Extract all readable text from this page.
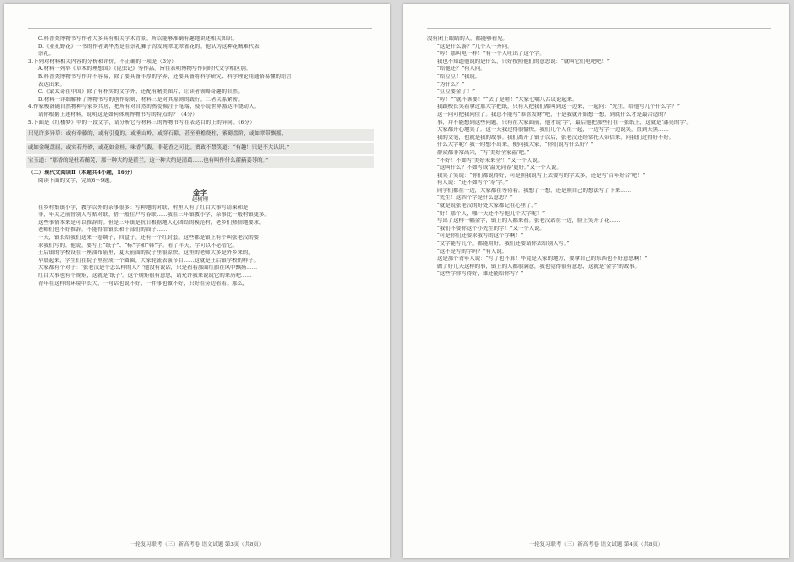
C.科普类博物书写作者大多具有相关学术背景，所以能够准确有趣地讲述相关知识。
D.《亚孔野花》一书的作者刘华杰是在崇礼狮子沟发现翠北翠雀花的，他认为这种花贼难代表
崇礼。
3.下列对材料相关内容的分析和评价，不正确的一项是（3分）
A.材料一列举《草木的理想国》《昆虫记》等作品，旨在表明博物写作同时代文学相区别。
B.科普类博物书写作并不容易，除了要具备丰厚的学养，还要具备将科学研究、科学理论用通俗易懂的语言
表达出来。
C.《蒙太奇在中国》除了有朴实的文字外，还配有精美图片，让读者领略奇趣的自然。
D.材料一详细解释了博物书写的创作原则，材料三是对其原则的践行，二者关系紧密。
4.作家梭洛随自然物种与家乡共居，把所有对自然的热爱倾注于笔端，使小说世界豁达丰饶动人。
请你根据上述材料，说明这是如何体现博物书写的特点的？（4分）
5.下面是《红楼梦》中的一段文字，请分析它与材料三的博物书写在表达目的上的异同。（6分）
只见许多异草：或有牵藤的，或有引蔓的，或垂山岭，或穿石隙，甚至垂檐绕柱，萦砌盘阶，或如翠带飘摇，
或如金绳盘屈，或实若丹砂，或花如金桂，味香气馥，非花香之可比。贾政不禁笑道：“有趣！只是不大认识。”
宝玉道：“那香的是杜若蘅芜，那一种大约是茝兰，这一种大约是清葛……也有叫作什么藿蒳姜荨的。”
（二）现代文阅读Ⅱ（本题共4小题，16分）
阅读下面的文字，完成6～9题。
金字
赵树理
在乡村集镇小学，教学以外的杂事很多：写种地的对联，村里人有了红白大事写请柬和是
非，年关之前替别人写贴对联，借一般住户写春联……我在三年镇教小学，杂事比一般村镇更多。
这些事情本来是可以推辞的。但是三年镇是抗日根据地人心团结的模范村，老乡们热情地要求，
老师们也不好推辞。不能得罪镇长和干部们的面子……
一天，镇长给我们送来一卷绸子，四盒子，还有一个红封套。这些都是镇上有个叫张老汉的要
求我们写的。他说，要写上“纸子”、“标”字和“韩”字。看了半天，字可以不必管它。
王后镇的学校设在一座油布庙里，夏天前面的院子里很凉快。这里的老师大多是外乡来的，
早晨起来，学生们在院子里拉成一个圆圈，大家轮流表演节目……这就是王后镇学校的样子。
大家都有个对子：‘张老汉是个怎么样的人？’他没有说话，只是看着那面红旗在风中飘扬……
红白大事也有个规矩，这就是‘纸子’。这个规矩很有意思，请允许我来说说它的来历吧……
青年在这样的环境中长大，一句话也说不好，一件事也做不好，只好在旁边看着。那么，
一轮复习联考（三）新高考卷 语文试题 第3页（共8页）
没有闭上眼睛的人，都能够看见。
“这是什么游？”几个人一齐问。
“哼！那叫电一样！”有一个人吐出了这个字。
我也不知道他说的是什么，只好按照他们的意思说：“就叫它们电吧吧！”
“给他还？”有人问。
“给豆豆！”我说。
“为什么？”
“豆豆要金了！”
“哼！”“就不该要！”“去了是啥！”大家七嘴八舌议论起来。
我跟校长笑着拿过那大字把纸，只有人把我们都叫到这一边来，一起问：“先生，给他写几个什么字？”
这一问可把我问住了。我总不能写“恭喜发财”吧，于是我就开始想一想，到底什么才是最合适的？
事，并不能想到这些问题。只有在大家面前，他才说‘字’，最后他把那些打在一张纸上，这就是‘漆亮的字’。
大家都开心地笑了。这一天我过得很愉快，我们几个人在一起，一边写字一边说笑，直到天黑……
我的文笔，也就是我的故事。我们离开了镇子以后，张老汉还经常托人带信来，问我们过得好不好。
什么大字呢？我一时想不出来，便问我大家，“你们说写什么好？”
群众都非常高兴，“写‘美好全家福’吧。”
“不好！不如写‘美好未来全’！”又一个人说。
“这叫什么？不如写成‘温光同春’更好。”又一个人说。
我笑了笑说：“你们都说得好，可是照我说写上去要写的字太多，还是写‘百年好合’吧！”
有人说：“还不如写个‘寿’字。”
同学们都在一边，大家都在等待着。我想了一想，还是照自己的想法写了下来……
“先生！这四个字是什么意思？”
“就是说张老汉的好处大家都记在心里了。”
“好！那个人，哪一天还不写他几个大字呢！”
写出了这样一幅金字，镇上的人都来看。张老汉站在一边，脸上笑开了花……
“我们不要你这个小先生的字！”又一个人说。
“可是你们还要求我写的这个字啊！”
“文字能写几个，都能用好，我们还要请你去给别人写。”
“这不是写的字吗？”有人说。
这是那个青年人说：“写了也不算！毕竟是人家的地方，要拿自己的东西也不好意思啊！”
做了好几天这样的事，镇上的人都很满意，我也觉得很有意思，这就是‘金字’的故事。
“这些字你写得好，谁还能给你写？”
一轮复习联考（三）新高考卷 语文试题 第4页（共8页）
